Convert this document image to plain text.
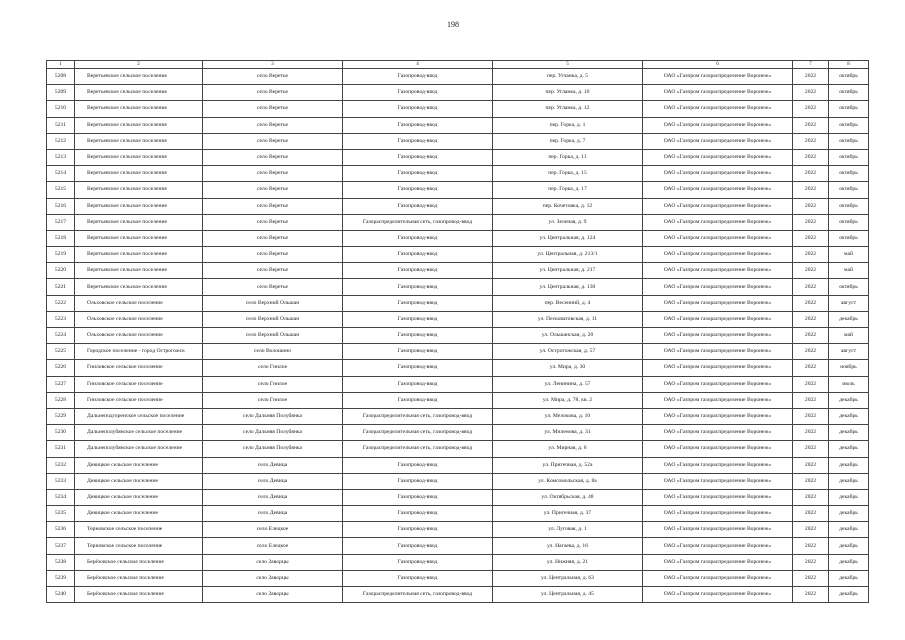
198
1	2	3	4	5	6	7	8
5208	Веретьевское сельское поселение	село Веретье	Газопровод-ввод	пер. Угланка, д. 5	ОАО «Газпром газораспределение Воронеж»	2022	октябрь
5209	Веретьевское сельское поселение	село Веретье	Газопровод-ввод	пер. Угланка, д. 10	ОАО «Газпром газораспределение Воронеж»	2022	октябрь
5210	Веретьевское сельское поселение	село Веретье	Газопровод-ввод	пер. Угланка, д. 12	ОАО «Газпром газораспределение Воронеж»	2022	октябрь
5211	Веретьевское сельское поселение	село Веретье	Газопровод-ввод	пер. Горка, д. 1	ОАО «Газпром газораспределение Воронеж»	2022	октябрь
5212	Веретьевское сельское поселение	село Веретье	Газопровод-ввод	пер. Горка, д. 7	ОАО «Газпром газораспределение Воронеж»	2022	октябрь
5213	Веретьевское сельское поселение	село Веретье	Газопровод-ввод	пер. Горка, д. 11	ОАО «Газпром газораспределение Воронеж»	2022	октябрь
5214	Веретьевское сельское поселение	село Веретье	Газопровод-ввод	пер. Горка, д. 15	ОАО «Газпром газораспределение Воронеж»	2022	октябрь
5215	Веретьевское сельское поселение	село Веретье	Газопровод-ввод	пер. Горка, д. 17	ОАО «Газпром газораспределение Воронеж»	2022	октябрь
5216	Веретьевское сельское поселение	село Веретье	Газопровод-ввод	пер. Кочетовка, д. 12	ОАО «Газпром газораспределение Воронеж»	2022	октябрь
5217	Веретьевское сельское поселение	село Веретье	Газораспределительная сеть, газопровод-ввод	ул. Зеленая, д. 9	ОАО «Газпром газораспределение Воронеж»	2022	октябрь
5218	Веретьевское сельское поселение	село Веретье	Газопровод-ввод	ул. Центральная, д. 124	ОАО «Газпром газораспределение Воронеж»	2022	октябрь
5219	Веретьевское сельское поселение	село Веретье	Газопровод-ввод	ул. Центральная, д. 213/1	ОАО «Газпром газораспределение Воронеж»	2022	май
5220	Веретьевское сельское поселение	село Веретье	Газопровод-ввод	ул. Центральная, д. 217	ОАО «Газпром газораспределение Воронеж»	2022	май
5221	Веретьевское сельское поселение	село Веретье	Газопровод-ввод	ул. Центральная, д. 130	ОАО «Газпром газораспределение Воронеж»	2022	октябрь
5222	Ольховское сельское поселение	село Верхний Ольшан	Газопровод-ввод	пер. Весенний, д. 4	ОАО «Газпром газораспределение Воронеж»	2022	август
5223	Ольховское сельское поселение	село Верхний Ольшан	Газопровод-ввод	ул. Песковатовская, д. 11	ОАО «Газпром газораспределение Воронеж»	2022	декабрь
5224	Ольховское сельское поселение	село Верхний Ольшан	Газопровод-ввод	ул. Ольшанская, д. 20	ОАО «Газпром газораспределение Воронеж»	2022	май
5225	Городское поселение - город Острогожск	село Волошино	Газопровод-ввод	ул. Острогожская, д. 57	ОАО «Газпром газораспределение Воронеж»	2022	август
5226	Гниловское сельское поселение	село Гнилое	Газопровод-ввод	ул. Мира, д. 30	ОАО «Газпром газораспределение Воронеж»	2022	ноябрь
5227	Гниловское сельское поселение	село Гнилое	Газопровод-ввод	ул. Ленинина, д. 57	ОАО «Газпром газораспределение Воронеж»	2022	июль
5228	Гниловское сельское поселение	село Гнилое	Газопровод-ввод	ул. Мира, д. 78, кв. 2	ОАО «Газпром газораспределение Воронеж»	2022	декабрь
5229	Дальнеподгоренское сельское поселение	село Дальняя Полубянка	Газораспределительная сеть, газопровод-ввод	ул. Мелокова, д. 10	ОАО «Газпром газораспределение Воронеж»	2022	декабрь
5230	Дальнеполубянское сельское поселение	село Дальняя Полубянка	Газораспределительная сеть, газопровод-ввод	ул. Миленова, д. 31	ОАО «Газпром газораспределение Воронеж»	2022	декабрь
5231	Дальнеполубянское сельское поселение	село Дальняя Полубянка	Газораспределительная сеть, газопровод-ввод	ул. Мирная, д. 6	ОАО «Газпром газораспределение Воронеж»	2022	декабрь
5232	Девицкое сельское поселение	село Девица	Газопровод-ввод	ул. Пригечная, д. 52а	ОАО «Газпром газораспределение Воронеж»	2022	декабрь
5233	Девицкое сельское поселение	село Девица	Газопровод-ввод	ул. Комсомольская, д. 8а	ОАО «Газпром газораспределение Воронеж»	2022	декабрь
5234	Девицкое сельское поселение	село Девица	Газопровод-ввод	ул. Октябрьская, д. 48	ОАО «Газпром газораспределение Воронеж»	2022	декабрь
5235	Девицкое сельское поселение	село Девица	Газопровод-ввод	ул. Пригечная, д. 37	ОАО «Газпром газораспределение Воронеж»	2022	декабрь
5236	Терновское сельское поселение	село Елецкое	Газопровод-ввод	ул. Луговая, д. 1	ОАО «Газпром газораспределение Воронеж»	2022	декабрь
5237	Терновское сельское поселение	село Елецкое	Газопровод-ввод	ул. Нагаева, д. 16	ОАО «Газпром газораспределение Воронеж»	2022	декабрь
5238	Берёзовское сельское поселение	село Заворцы	Газопровод-ввод	ул. Нижняя, д. 21	ОАО «Газпром газораспределение Воронеж»	2022	декабрь
5239	Берёзовское сельское поселение	село Заворцы	Газопровод-ввод	ул. Центральная, д. 63	ОАО «Газпром газораспределение Воронеж»	2022	декабрь
5240	Берёзовское сельское поселение	село Заворцы	Газораспределительная сеть, газопровод-ввод	ул. Центральная, д. 45	ОАО «Газпром газораспределение Воронеж»	2022	декабрь
